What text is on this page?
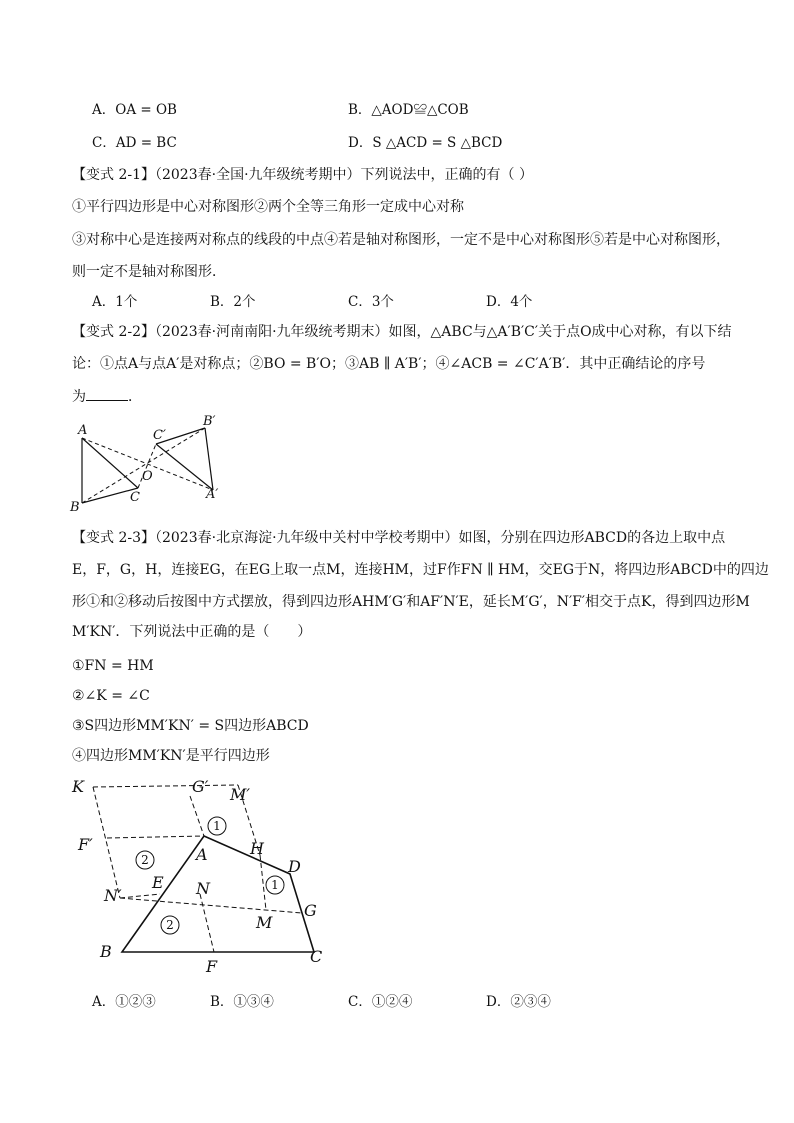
A．OA = OB	B．△AOD≌△COB
C．AD = BC	D．S △ACD = S △BCD
【变式 2-1】（2023春·全国·九年级统考期中）下列说法中，正确的有（ ）
①平行四边形是中心对称图形②两个全等三角形一定成中心对称
③对称中心是连接两对称点的线段的中点④若是轴对称图形，一定不是中心对称图形⑤若是中心对称图形，
则一定不是轴对称图形．
A．1个	B．2个	C．3个	D．4个
【变式 2-2】（2023春·河南南阳·九年级统考期末）如图，△ABC与△A′B′C′关于点O成中心对称，有以下结
论：①点A与点A′是对称点；②BO = B′O；③AB ∥ A′B′；④∠ACB = ∠C′A′B′．其中正确结论的序号
为	．
A
B
C
O
C′
B′
A′
【变式 2-3】（2023春·北京海淀·九年级中关村中学校考期中）如图，分别在四边形ABCD的各边上取中点
E，F，G，H，连接EG，在EG上取一点M，连接HM，过F作FN ∥ HM，交EG于N，将四边形ABCD中的四边
形①和②移动后按图中方式摆放，得到四边形AHM′G′和AF′N′E，延长M′G′，N′F′相交于点K，得到四边形M
M′KN′．下列说法中正确的是（　　）
①FN = HM
②∠K = ∠C
③S四边形MM′KN′ = S四边形ABCD
④四边形MM′KN′是平行四边形
1
1
2
2
K	G′ M′
F′
A	H
D
E N
N′
G
M
B
F
C
A．①②③	B．①③④	C．①②④	D．②③④
